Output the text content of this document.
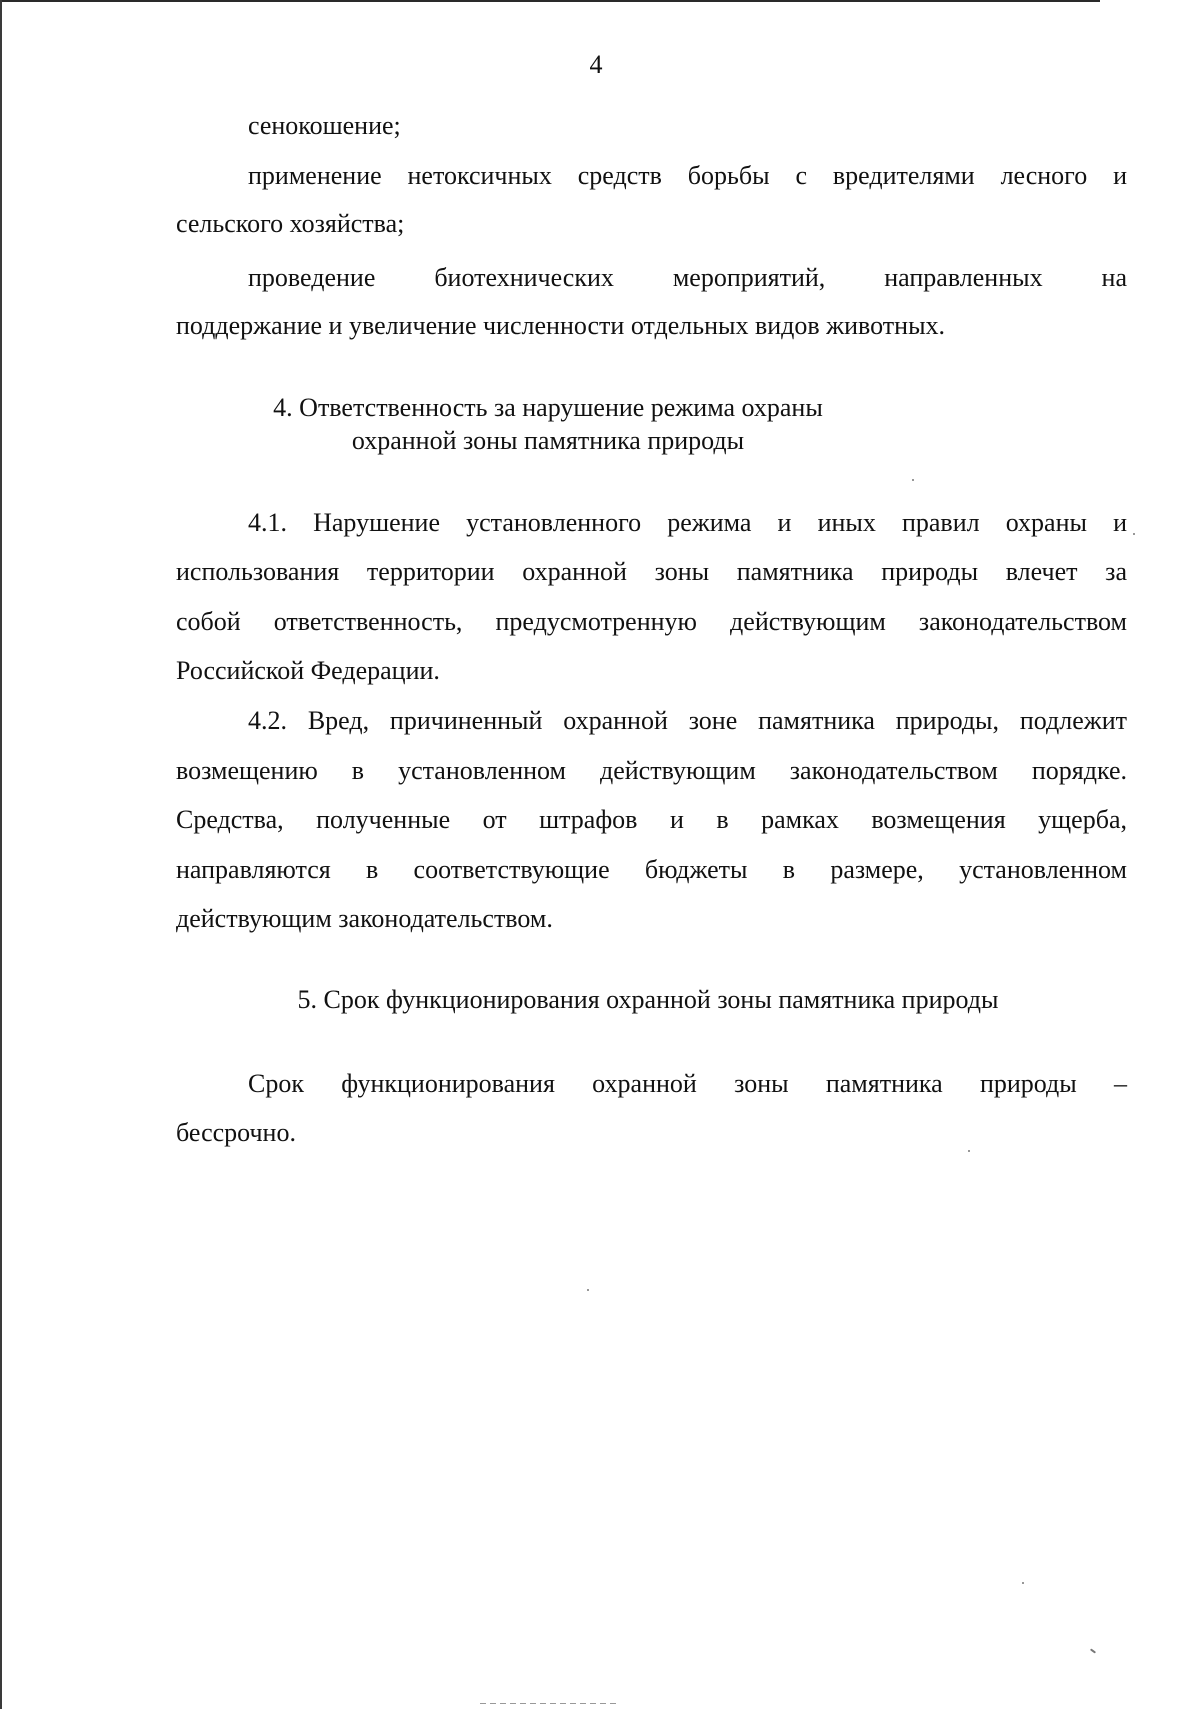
4
сенокошение;
применение нетоксичных средств борьбы с вредителями лесного и
сельского хозяйства;
проведение биотехнических мероприятий, направленных на
поддержание и увеличение численности отдельных видов животных.
4. Ответственность за нарушение режима охраны
охранной зоны памятника природы
4.1. Нарушение установленного режима и иных правил охраны и
использования территории охранной зоны памятника природы влечет за
собой ответственность, предусмотренную действующим законодательством
Российской Федерации.
4.2. Вред, причиненный охранной зоне памятника природы, подлежит
возмещению в установленном действующим законодательством порядке.
Средства, полученные от штрафов и в рамках возмещения ущерба,
направляются в соответствующие бюджеты в размере, установленном
действующим законодательством.
5. Срок функционирования охранной зоны памятника природы
Срок функционирования охранной зоны памятника природы –
бессрочно.
